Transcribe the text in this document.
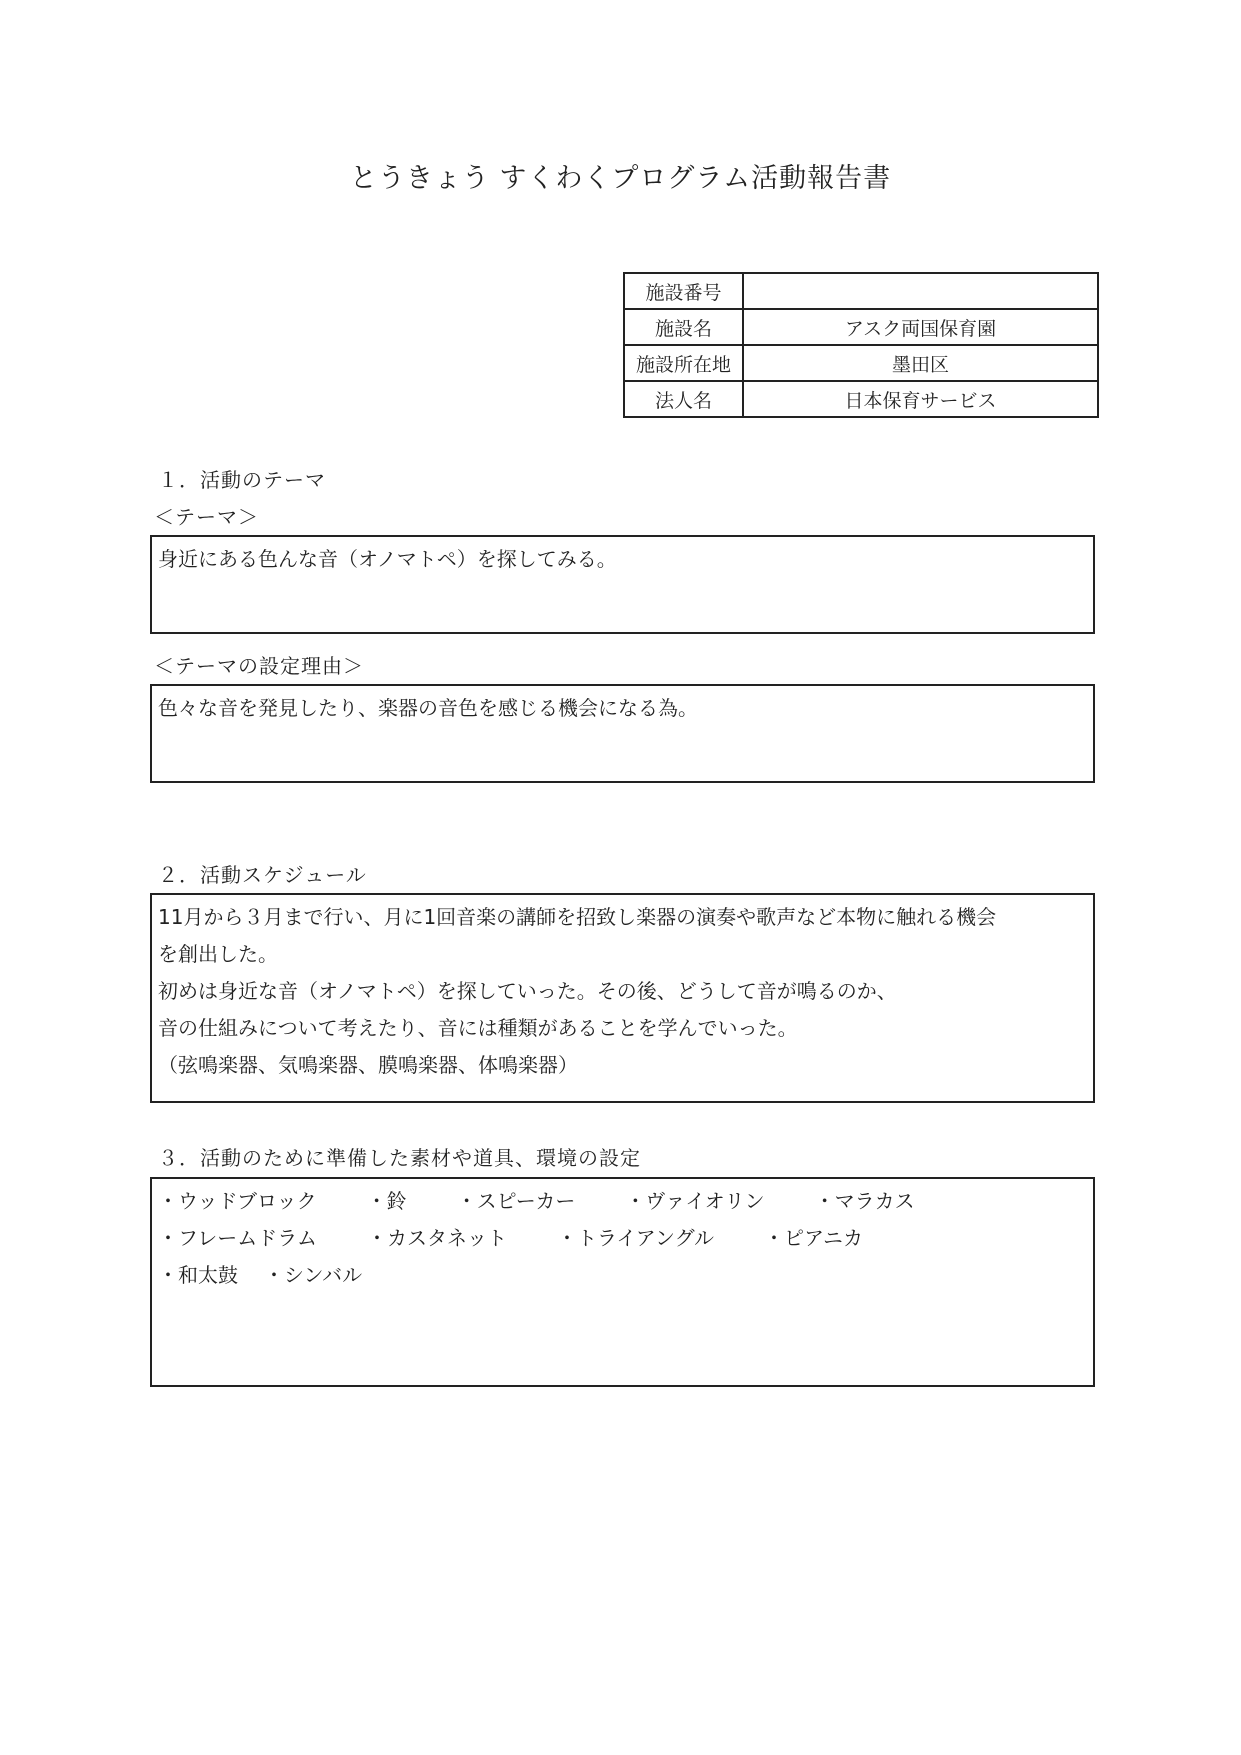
とうきょう すくわくプログラム活動報告書
施設番号	
施設名	アスク両国保育園
施設所在地	墨田区
法人名	日本保育サービス
１．活動のテーマ
＜テーマ＞
身近にある色んな音（オノマトペ）を探してみる。
＜テーマの設定理由＞
色々な音を発見したり、楽器の音色を感じる機会になる為。
２．活動スケジュール
11月から３月まで行い、月に1回音楽の講師を招致し楽器の演奏や歌声など本物に触れる機会
を創出した。
初めは身近な音（オノマトペ）を探していった。その後、どうして音が鳴るのか、
音の仕組みについて考えたり、音には種類があることを学んでいった。
（弦鳴楽器、気鳴楽器、膜鳴楽器、体鳴楽器）
３．活動のために準備した素材や道具、環境の設定
・ウッドブロック	・鈴	・スピーカー	・ヴァイオリン	・マラカス
・フレームドラム	・カスタネット	・トライアングル	・ピアニカ
・和太鼓 ・シンバル
